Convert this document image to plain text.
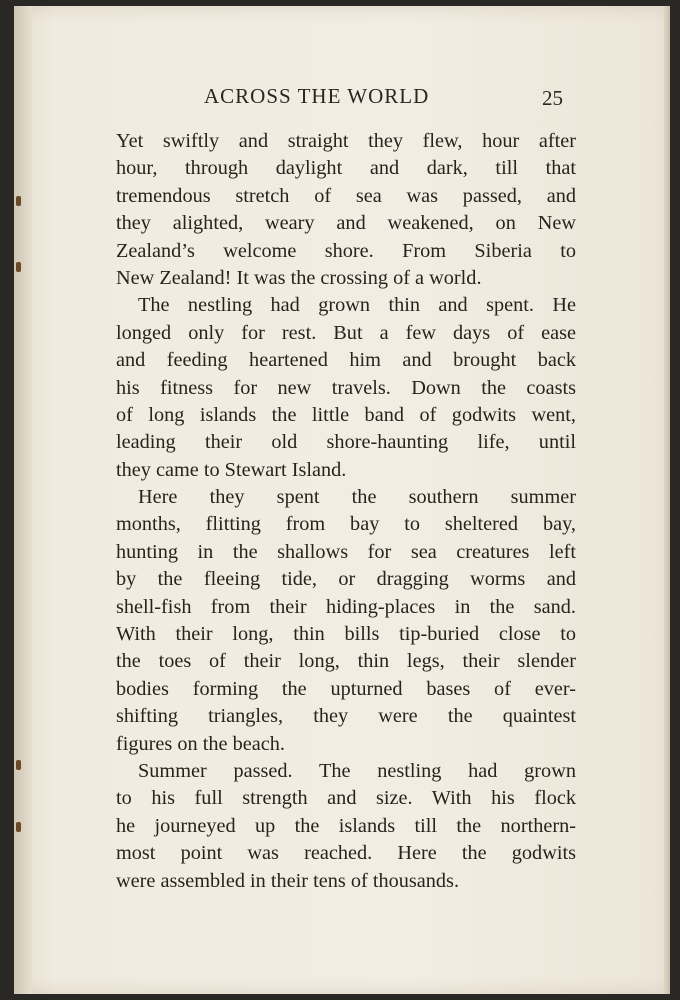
ACROSS THE WORLD	25
Yet swiftly and straight they flew, hour after
hour, through daylight and dark, till that
tremendous stretch of sea was passed, and
they alighted, weary and weakened, on New
Zealand’s welcome shore. From Siberia to
New Zealand! It was the crossing of a world.
The nestling had grown thin and spent. He
longed only for rest. But a few days of ease
and feeding heartened him and brought back
his fitness for new travels. Down the coasts
of long islands the little band of godwits went,
leading their old shore-haunting life, until
they came to Stewart Island.
Here they spent the southern summer
months, flitting from bay to sheltered bay,
hunting in the shallows for sea creatures left
by the fleeing tide, or dragging worms and
shell-fish from their hiding-places in the sand.
With their long, thin bills tip-buried close to
the toes of their long, thin legs, their slender
bodies forming the upturned bases of ever-
shifting triangles, they were the quaintest
figures on the beach.
Summer passed. The nestling had grown
to his full strength and size. With his flock
he journeyed up the islands till the northern-
most point was reached. Here the godwits
were assembled in their tens of thousands.
